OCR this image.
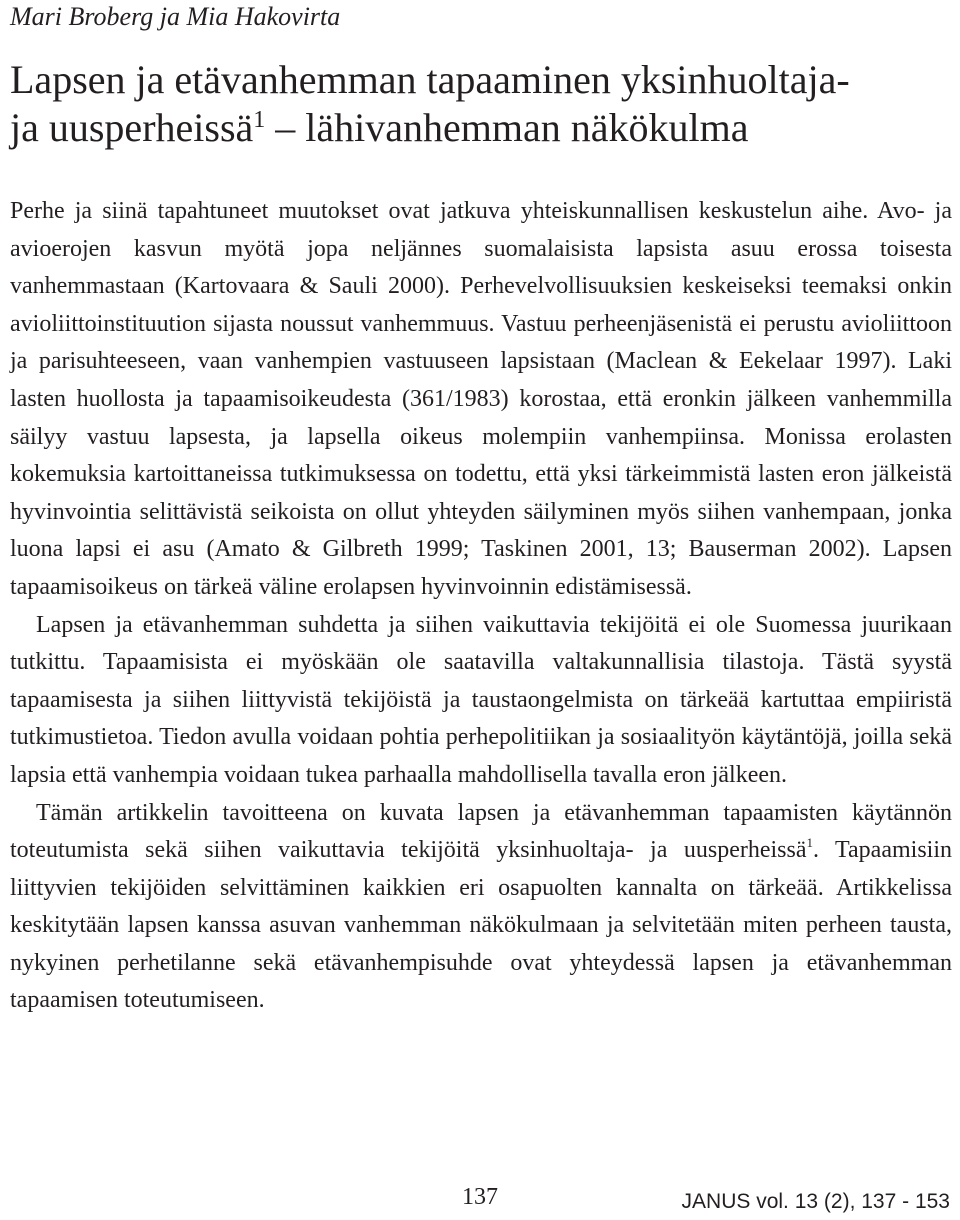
Mari Broberg ja Mia Hakovirta

Lapsen ja etävanhemman tapaaminen yksinhuoltaja-
ja uusperheissä$^1$ – lähivanhemman näkökulma

Perhe ja siinä tapahtuneet muutokset ovat jatkuva yhteiskunnallisen keskustelun aihe. Avo- ja avioerojen kasvun myötä jopa neljännes suomalaisista lapsista asuu erossa toisesta vanhemmastaan (Kartovaara & Sauli 2000). Perhevelvollisuuksien keskeiseksi teemaksi onkin avioliittoinstituution sijasta noussut vanhemmuus. Vastuu perheenjäsenistä ei perustu avioliittoon ja parisuhteeseen, vaan vanhempien vastuuseen lapsistaan (Maclean & Eekelaar 1997). Laki lasten huollosta ja tapaamisoikeudesta (361/1983) korostaa, että eronkin jälkeen vanhemmilla säilyy vastuu lapsesta, ja lapsella oikeus molempiin vanhempiinsa. Monissa erolasten kokemuksia kartoittaneissa tutkimuksessa on todettu, että yksi tärkeimmistä lasten eron jälkeistä hyvinvointia selittävistä seikoista on ollut yhteyden säilyminen myös siihen vanhempaan, jonka luona lapsi ei asu (Amato & Gilbreth 1999; Taskinen 2001, 13; Bauserman 2002). Lapsen tapaamisoikeus on tärkeä väline erolapsen hyvinvoinnin edistämisessä.

Lapsen ja etävanhemman suhdetta ja siihen vaikuttavia tekijöitä ei ole Suomessa juurikaan tutkittu. Tapaamisista ei myöskään ole saatavilla valtakunnallisia tilastoja. Tästä syystä tapaamisesta ja siihen liittyvistä tekijöistä ja taustaongelmista on tärkeää kartuttaa empiiristä tutkimustietoa. Tiedon avulla voidaan pohtia perhepolitiikan ja sosiaalityön käytäntöjä, joilla sekä lapsia että vanhempia voidaan tukea parhaalla mahdollisella tavalla eron jälkeen.

Tämän artikkelin tavoitteena on kuvata lapsen ja etävanhemman tapaamisten käytännön toteutumista sekä siihen vaikuttavia tekijöitä yksinhuoltaja- ja uusperheissä$^1$. Tapaamisiin liittyvien tekijöiden selvittäminen kaikkien eri osapuolten kannalta on tärkeää. Artikkelissa keskitytään lapsen kanssa asuvan vanhemman näkökulmaan ja selvitetään miten perheen tausta, nykyinen perhetilanne sekä etävanhempisuhde ovat yhteydessä lapsen ja etävanhemman tapaamisen toteutumiseen.

137	JANUS vol. 13 (2), 137 - 153
